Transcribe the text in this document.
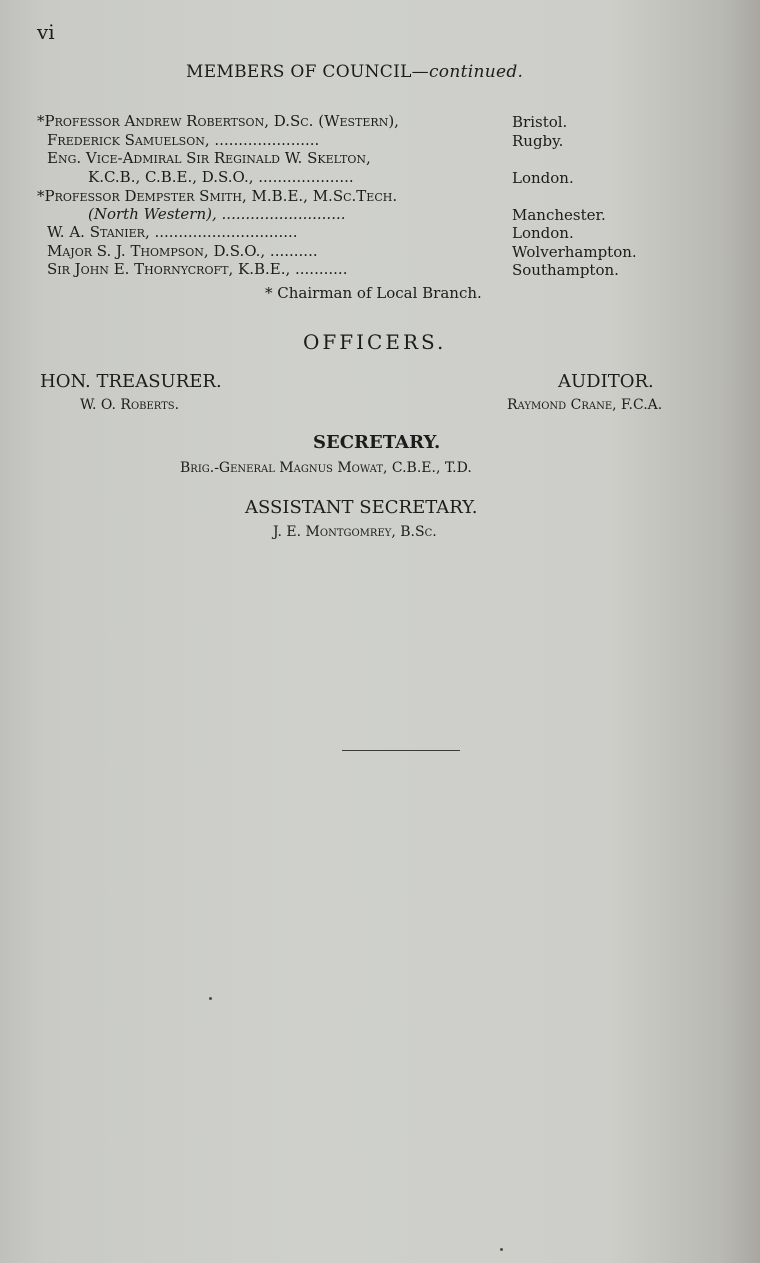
vi
MEMBERS OF COUNCIL—continued.
*Professor Andrew Robertson, D.Sc. (Western),	Bristol.
Frederick Samuelson, ......................	Rugby.
Eng. Vice-Admiral Sir Reginald W. Skelton,
K.C.B., C.B.E., D.S.O., ....................	London.
*Professor Dempster Smith, M.B.E., M.Sc.Tech.
(North Western), ..........................	Manchester.
W. A. Stanier, ..............................	London.
Major S. J. Thompson, D.S.O., ..........	Wolverhampton.
Sir John E. Thornycroft, K.B.E., ...........	Southampton.
* Chairman of Local Branch.
OFFICERS.
HON. TREASURER.
W. O. Roberts.
AUDITOR.
Raymond Crane, F.C.A.
SECRETARY.
Brig.-General Magnus Mowat, C.B.E., T.D.
ASSISTANT SECRETARY.
J. E. Montgomrey, B.Sc.
